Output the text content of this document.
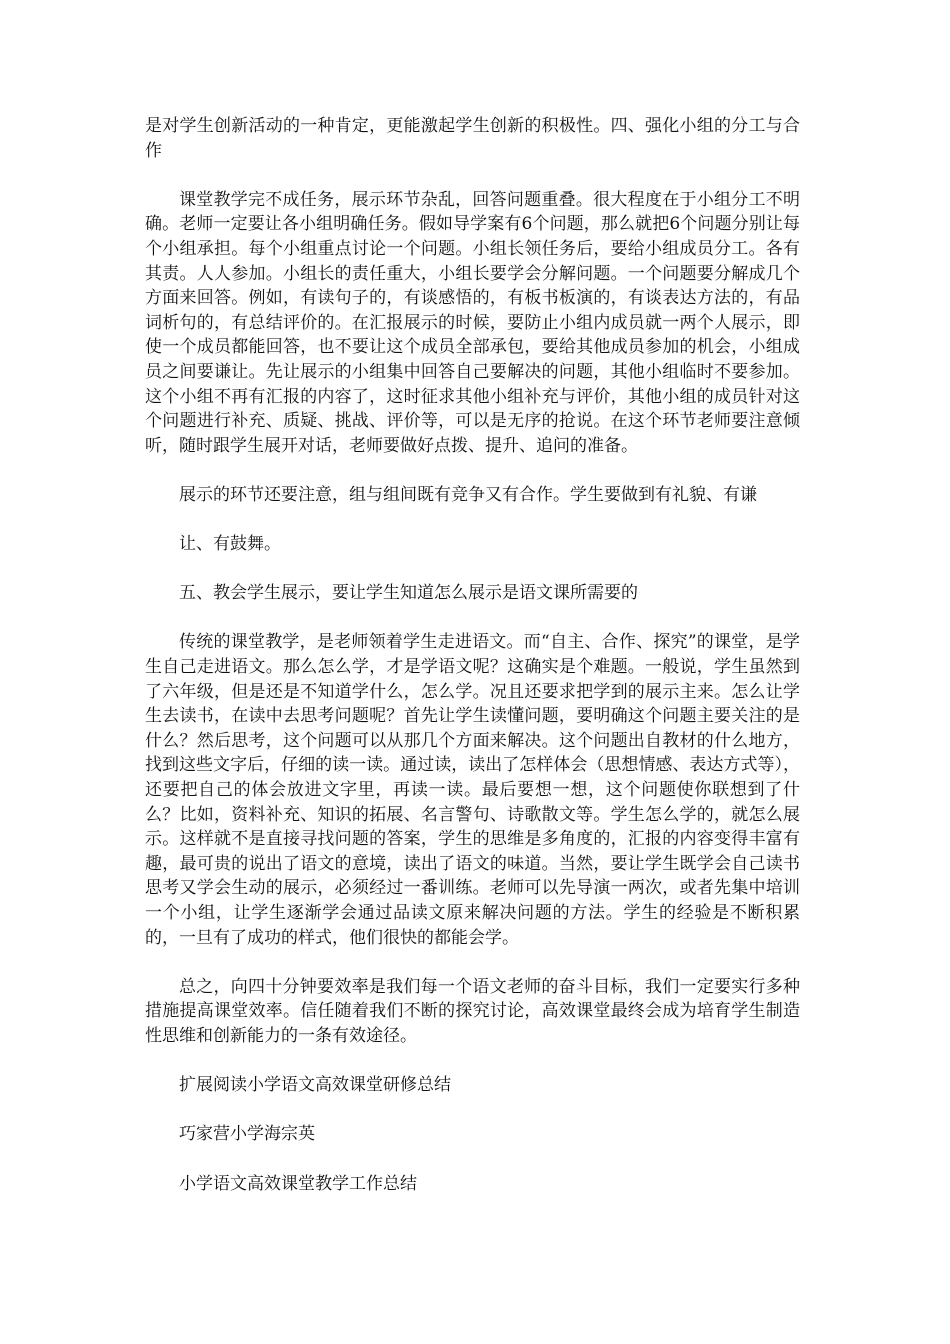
是对学生创新活动的一种肯定，更能激起学生创新的积极性。四、强化小组的分工与合作

课堂教学完不成任务，展示环节杂乱，回答问题重叠。很大程度在于小组分工不明确。老师一定要让各小组明确任务。假如导学案有6个问题，那么就把6个问题分别让每个小组承担。每个小组重点讨论一个问题。小组长领任务后，要给小组成员分工。各有其责。人人参加。小组长的责任重大，小组长要学会分解问题。一个问题要分解成几个方面来回答。例如，有读句子的，有谈感悟的，有板书板演的，有谈表达方法的，有品词析句的，有总结评价的。在汇报展示的时候，要防止小组内成员就一两个人展示，即使一个成员都能回答，也不要让这个成员全部承包，要给其他成员参加的机会，小组成员之间要谦让。先让展示的小组集中回答自己要解决的问题，其他小组临时不要参加。这个小组不再有汇报的内容了，这时征求其他小组补充与评价，其他小组的成员针对这个问题进行补充、质疑、挑战、评价等，可以是无序的抢说。在这个环节老师要注意倾听，随时跟学生展开对话，老师要做好点拨、提升、追问的准备。

展示的环节还要注意，组与组间既有竞争又有合作。学生要做到有礼貌、有谦

让、有鼓舞。

五、教会学生展示，要让学生知道怎么展示是语文课所需要的

传统的课堂教学，是老师领着学生走进语文。而“自主、合作、探究”的课堂，是学生自己走进语文。那么怎么学，才是学语文呢？这确实是个难题。一般说，学生虽然到了六年级，但是还是不知道学什么，怎么学。况且还要求把学到的展示主来。怎么让学生去读书，在读中去思考问题呢？首先让学生读懂问题，要明确这个问题主要关注的是什么？然后思考，这个问题可以从那几个方面来解决。这个问题出自教材的什么地方，找到这些文字后，仔细的读一读。通过读，读出了怎样体会（思想情感、表达方式等），还要把自己的体会放进文字里，再读一读。最后要想一想，这个问题使你联想到了什么？比如，资料补充、知识的拓展、名言警句、诗歌散文等。学生怎么学的，就怎么展示。这样就不是直接寻找问题的答案，学生的思维是多角度的，汇报的内容变得丰富有趣，最可贵的说出了语文的意境，读出了语文的味道。当然，要让学生既学会自己读书思考又学会生动的展示，必须经过一番训练。老师可以先导演一两次，或者先集中培训一个小组，让学生逐渐学会通过品读文原来解决问题的方法。学生的经验是不断积累的，一旦有了成功的样式，他们很快的都能会学。

总之，向四十分钟要效率是我们每一个语文老师的奋斗目标，我们一定要实行多种措施提高课堂效率。信任随着我们不断的探究讨论，高效课堂最终会成为培育学生制造性思维和创新能力的一条有效途径。

扩展阅读小学语文高效课堂研修总结

巧家营小学海宗英

小学语文高效课堂教学工作总结
